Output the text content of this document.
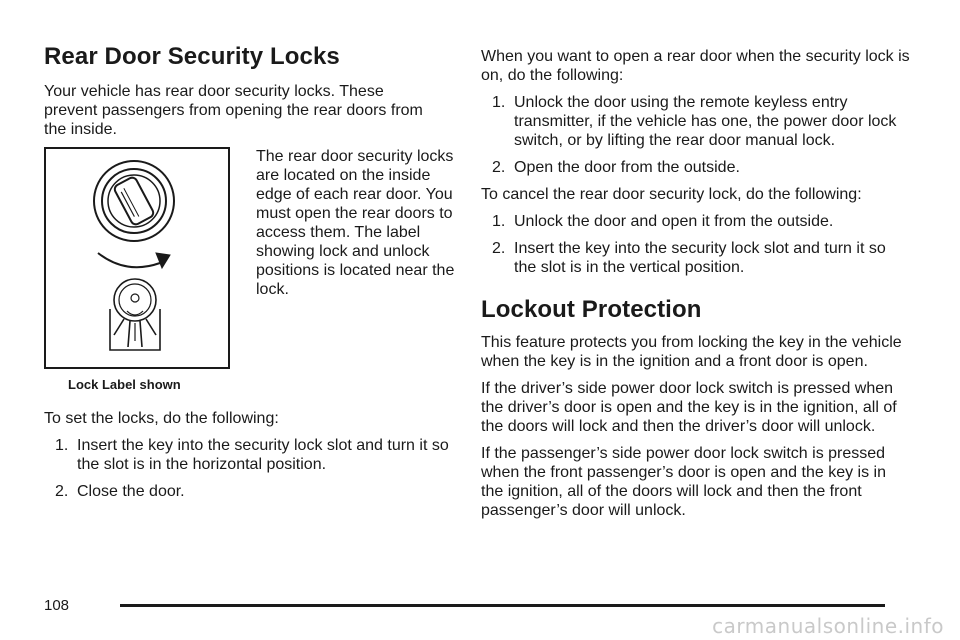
Rear Door Security Locks

Your vehicle has rear door security locks. These prevent passengers from opening the rear doors from the inside.

Lock Label shown

The rear door security locks are located on the inside edge of each rear door. You must open the rear doors to access them. The label showing lock and unlock positions is located near the lock.

To set the locks, do the following:

1. Insert the key into the security lock slot and turn it so the slot is in the horizontal position.
2. Close the door.

When you want to open a rear door when the security lock is on, do the following:

1. Unlock the door using the remote keyless entry transmitter, if the vehicle has one, the power door lock switch, or by lifting the rear door manual lock.
2. Open the door from the outside.

To cancel the rear door security lock, do the following:

1. Unlock the door and open it from the outside.
2. Insert the key into the security lock slot and turn it so the slot is in the vertical position.
Lockout Protection

This feature protects you from locking the key in the vehicle when the key is in the ignition and a front door is open.

If the driver’s side power door lock switch is pressed when the driver’s door is open and the key is in the ignition, all of the doors will lock and then the driver’s door will unlock.

If the passenger’s side power door lock switch is pressed when the front passenger’s door is open and the key is in the ignition, all of the doors will lock and then the front passenger’s door will unlock.

108
carmanualsonline.info
